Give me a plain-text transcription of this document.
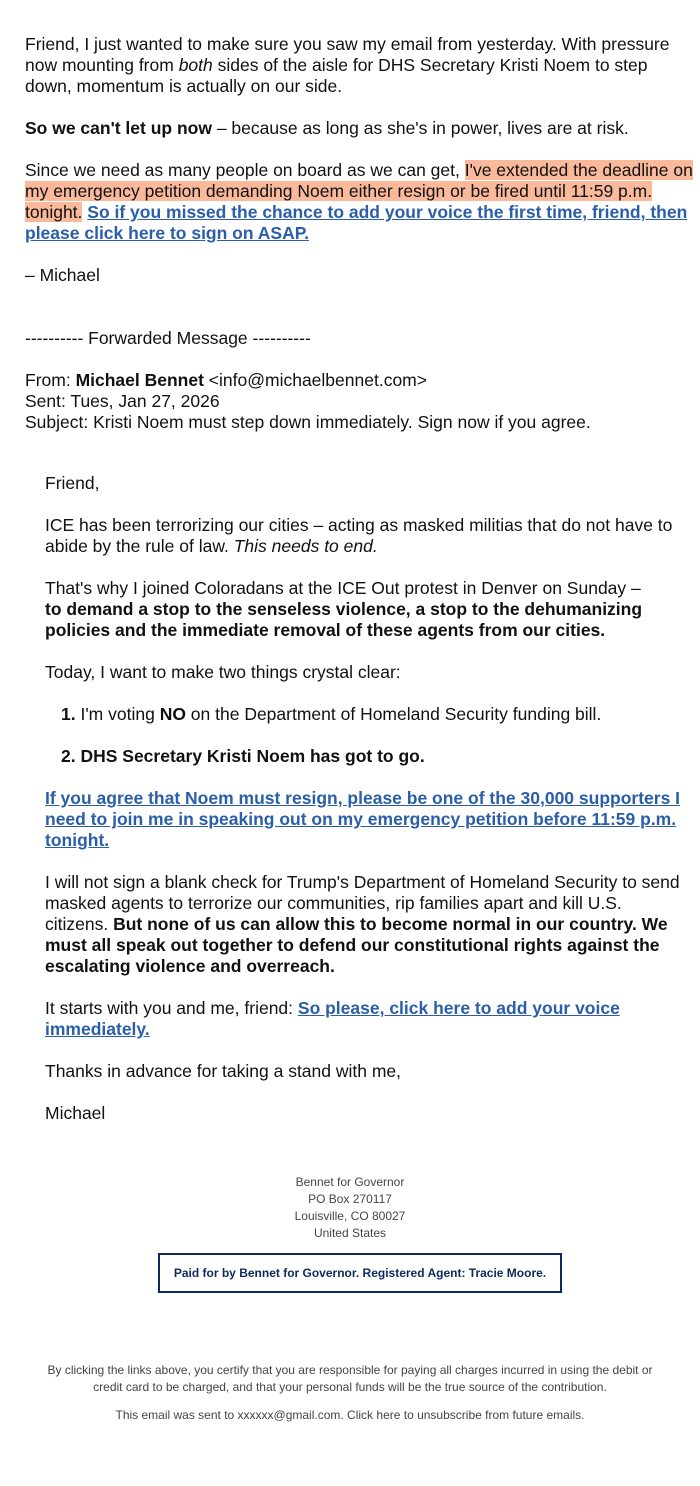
Friend, I just wanted to make sure you saw my email from yesterday. With pressure now mounting from both sides of the aisle for DHS Secretary Kristi Noem to step down, momentum is actually on our side.

So we can't let up now – because as long as she's in power, lives are at risk.

Since we need as many people on board as we can get, I've extended the deadline on my emergency petition demanding Noem either resign or be fired until 11:59 p.m. tonight. So if you missed the chance to add your voice the first time, friend, then please click here to sign on ASAP.

– Michael

---------- Forwarded Message ----------

From: Michael Bennet <info@michaelbennet.com>

Sent: Tues, Jan 27, 2026

Subject: Kristi Noem must step down immediately. Sign now if you agree.

Friend,

ICE has been terrorizing our cities – acting as masked militias that do not have to abide by the rule of law. This needs to end.

That's why I joined Coloradans at the ICE Out protest in Denver on Sunday –
to demand a stop to the senseless violence, a stop to the dehumanizing policies and the immediate removal of these agents from our cities.

Today, I want to make two things crystal clear:

1. I'm voting NO on the Department of Homeland Security funding bill.

2. DHS Secretary Kristi Noem has got to go.

If you agree that Noem must resign, please be one of the 30,000 supporters I need to join me in speaking out on my emergency petition before 11:59 p.m. tonight.

I will not sign a blank check for Trump's Department of Homeland Security to send masked agents to terrorize our communities, rip families apart and kill U.S. citizens. But none of us can allow this to become normal in our country. We must all speak out together to defend our constitutional rights against the escalating violence and overreach.

It starts with you and me, friend: So please, click here to add your voice immediately.

Thanks in advance for taking a stand with me,

Michael

Bennet for Governor
PO Box 270117
Louisville, CO 80027
United States
Paid for by Bennet for Governor. Registered Agent: Tracie Moore.
By clicking the links above, you certify that you are responsible for paying all charges incurred in using the debit or credit card to be charged, and that your personal funds will be the true source of the contribution.
This email was sent to xxxxxx@gmail.com. Click here to unsubscribe from future emails.
